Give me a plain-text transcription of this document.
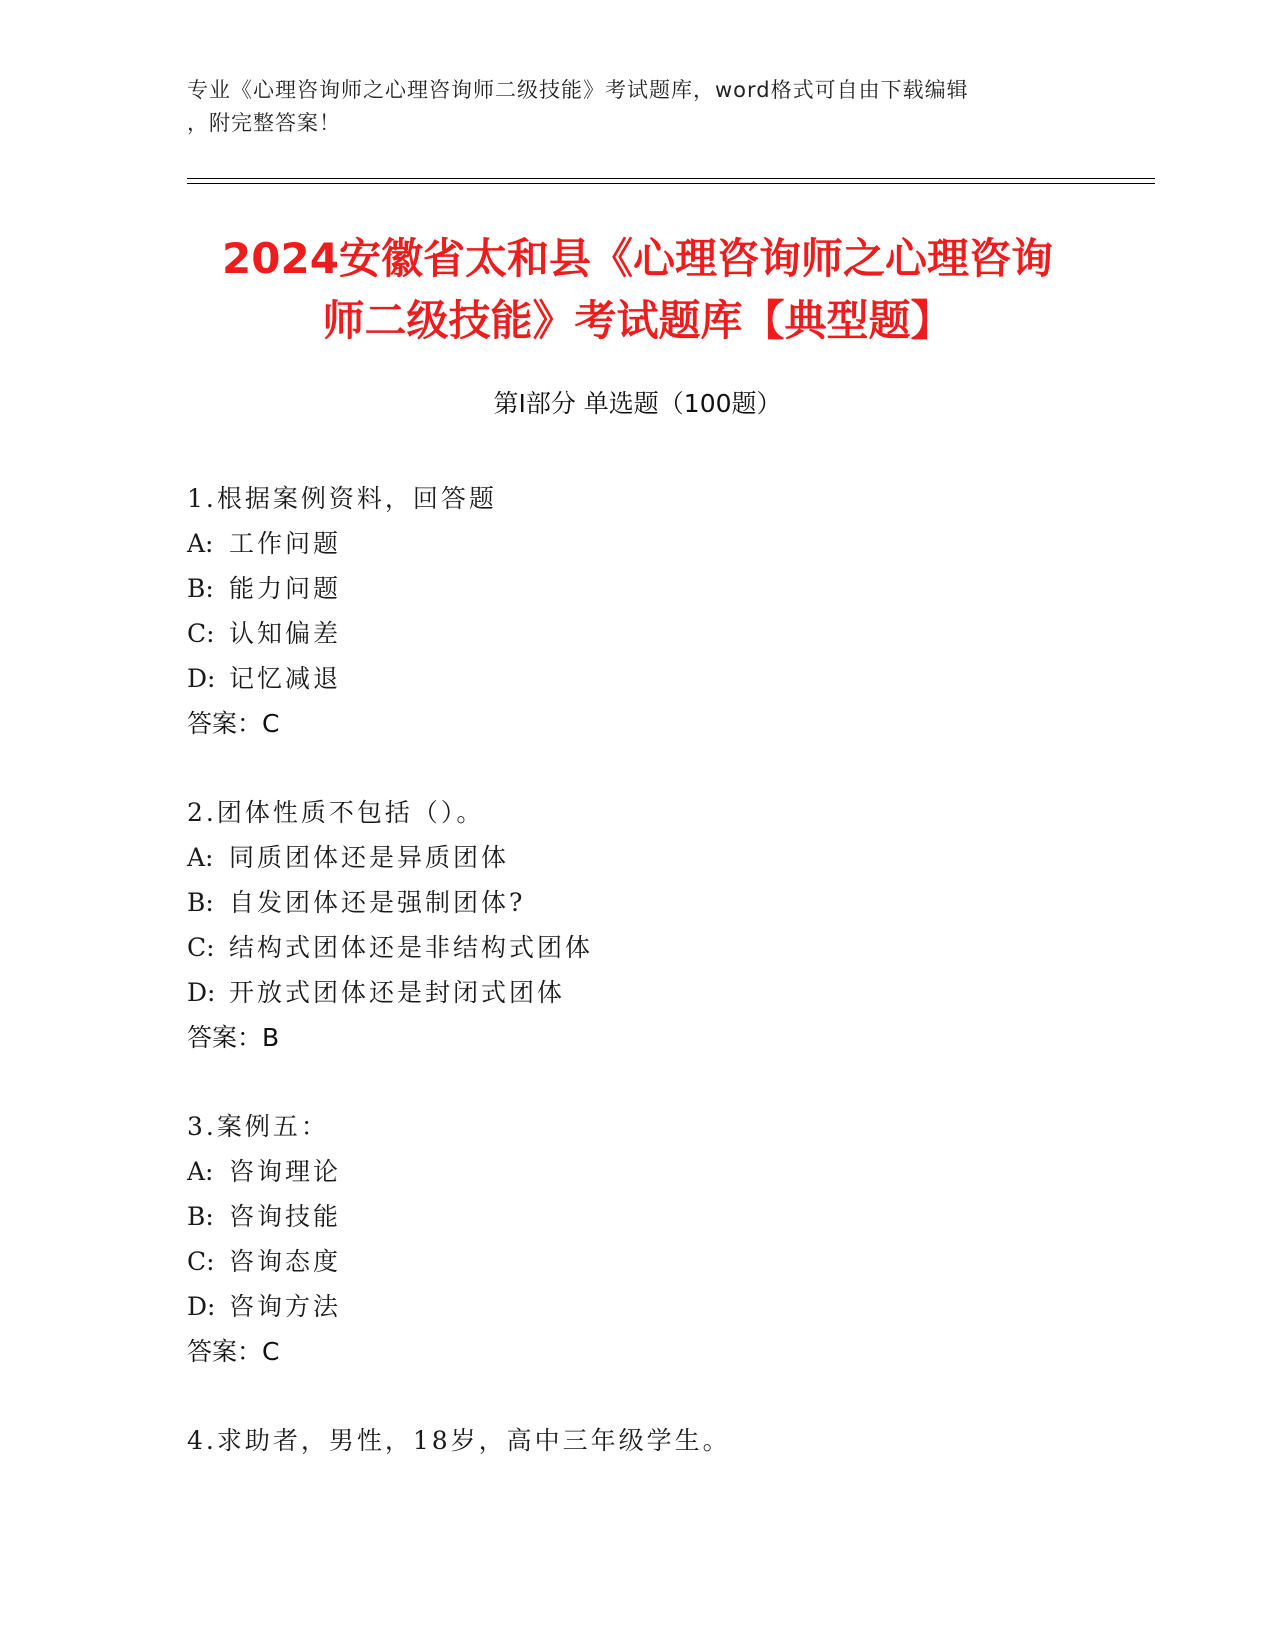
专业《心理咨询师之心理咨询师二级技能》考试题库，word格式可自由下载编辑
，附完整答案！
2024安徽省太和县《心理咨询师之心理咨询
师二级技能》考试题库【典型题】
第Ⅰ部分 单选题（100题）
1.根据案例资料，回答题
A: 工作问题
B: 能力问题
C: 认知偏差
D: 记忆减退
答案：C
2.团体性质不包括（）。
A: 同质团体还是异质团体
B: 自发团体还是强制团体?
C: 结构式团体还是非结构式团体
D: 开放式团体还是封闭式团体
答案：B
3.案例五：
A: 咨询理论
B: 咨询技能
C: 咨询态度
D: 咨询方法
答案：C
4.求助者，男性，18岁，高中三年级学生。
